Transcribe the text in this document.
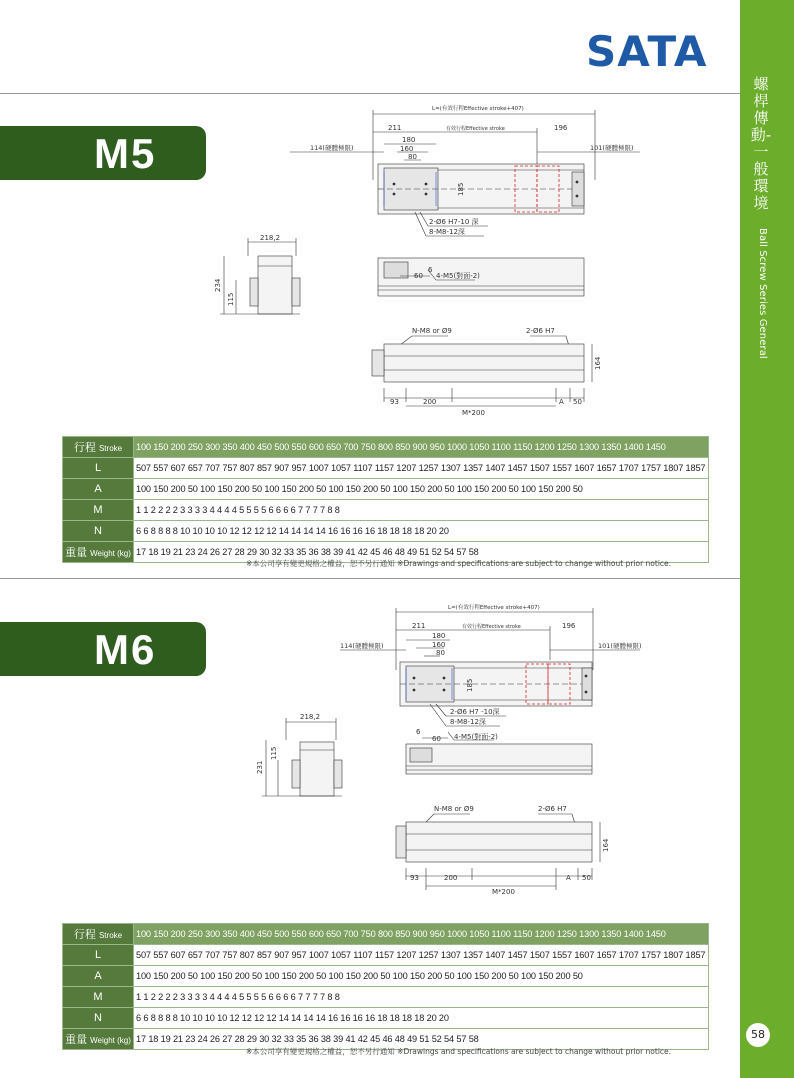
SATA
螺桿傳動-一般環境
Ball Screw Series General
58
M5
L=(有效行程Effective stroke+407)
211	有效行程Effective stroke	196
180
160
80
114(硬體極限)	101(硬體極限)
185
2-Ø6 H7-10 深
8-M8-12深
218,2
234
115
60
6
4-M5(對面-2)
N-M8 or Ø9	2-Ø6 H7
164
93	200	A 50
M*200
行程 Stroke	100 150 200 250 300 350 400 450 500 550 600 650 700 750 800 850 900 950 1000 1050 1100 1150 1200 1250 1300 1350 1400 1450
L	507 557 607 657 707 757 807 857 907 957 1007 1057 1107 1157 1207 1257 1307 1357 1407 1457 1507 1557 1607 1657 1707 1757 1807 1857
A	100 150 200 50 100 150 200 50 100 150 200 50 100 150 200 50 100 150 200 50 100 150 200 50 100 150 200 50
M	1 1 2 2 2 2 3 3 3 3 4 4 4 4 5 5 5 5 6 6 6 6 7 7 7 7 8 8
N	6 6 8 8 8 8 10 10 10 10 12 12 12 12 14 14 14 14 16 16 16 16 18 18 18 18 20 20
重量 Weight (kg)	17 18 19 21 23 24 26 27 28 29 30 32 33 35 36 38 39 41 42 45 46 48 49 51 52 54 57 58
※本公司享有變更規格之權益，恕不另行通知 ※Drawings and specifications are subject to change without prior notice.
M6
L=(有效行程Effective stroke+407)
211	有效行程Effective stroke	196
180
160
80
114(硬體極限)	101(硬體極限)
185
2-Ø6 H7 -10深
8-M8-12深
218,2
231
115
60
6
4-M5(對面-2)
N-M8 or Ø9	2-Ø6 H7
164
93	200	A 50
M*200
行程 Stroke	100 150 200 250 300 350 400 450 500 550 600 650 700 750 800 850 900 950 1000 1050 1100 1150 1200 1250 1300 1350 1400 1450
L	507 557 607 657 707 757 807 857 907 957 1007 1057 1107 1157 1207 1257 1307 1357 1407 1457 1507 1557 1607 1657 1707 1757 1807 1857
A	100 150 200 50 100 150 200 50 100 150 200 50 100 150 200 50 100 150 200 50 100 150 200 50 100 150 200 50
M	1 1 2 2 2 2 3 3 3 3 4 4 4 4 5 5 5 5 6 6 6 6 7 7 7 7 8 8
N	6 6 8 8 8 8 10 10 10 10 12 12 12 12 14 14 14 14 16 16 16 16 18 18 18 18 20 20
重量 Weight (kg)	17 18 19 21 23 24 26 27 28 29 30 32 33 35 36 38 39 41 42 45 46 48 49 51 52 54 57 58
※本公司享有變更規格之權益，恕不另行通知 ※Drawings and specifications are subject to change without prior notice.
